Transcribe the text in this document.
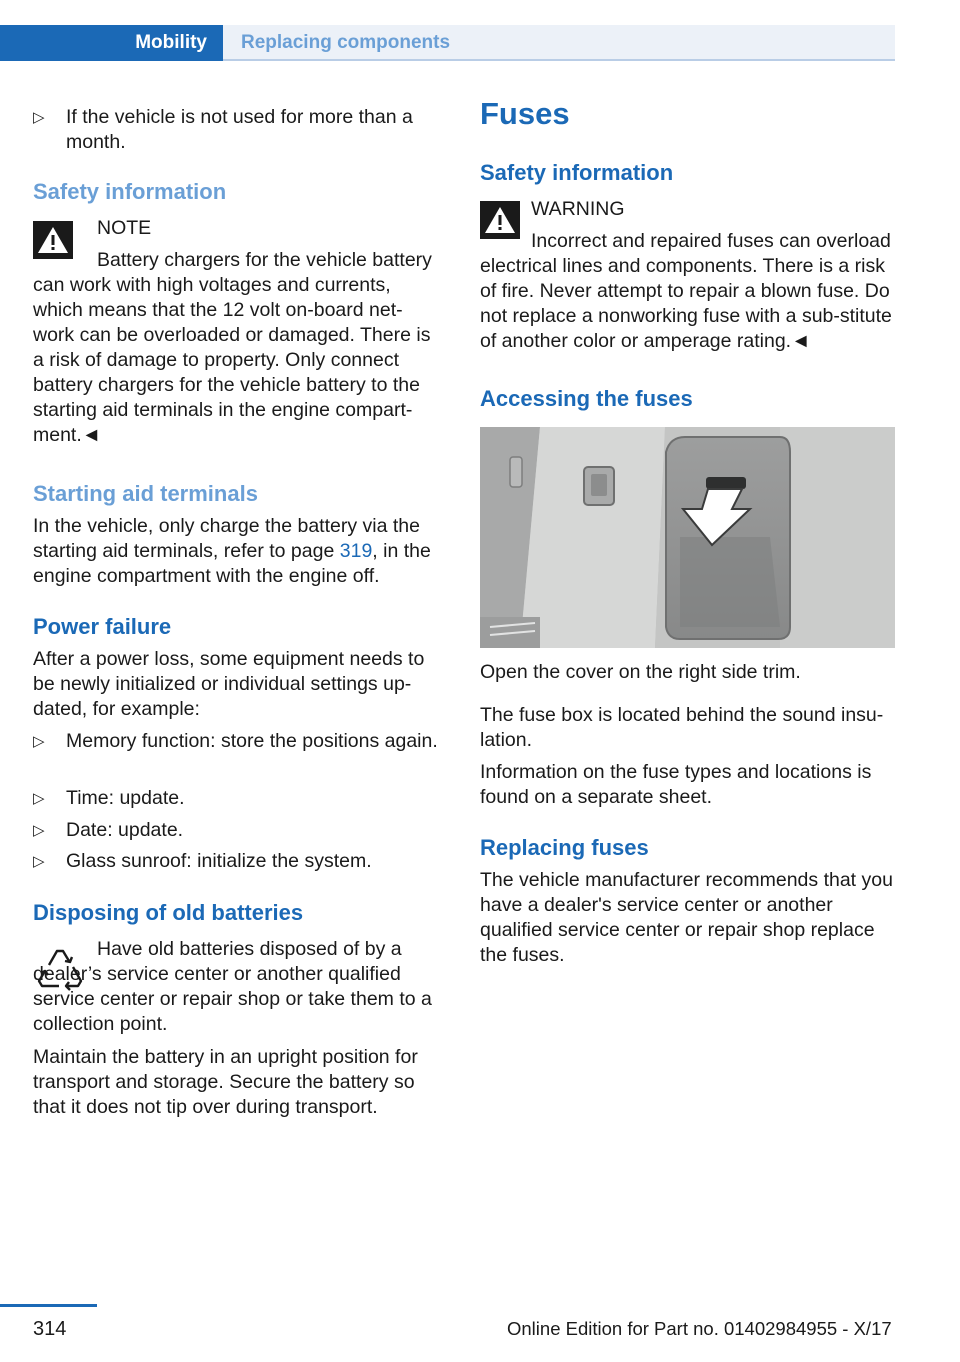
Mobility	Replacing components
▷ If the vehicle is not used for more than a month.
Safety information
NOTE
Battery chargers for the vehicle battery can work with high voltages and currents, which means that the 12 volt on-board net-work can be overloaded or damaged. There is a risk of damage to property. Only connect battery chargers for the vehicle battery to the starting aid terminals in the engine compart-ment.◄
Starting aid terminals
In the vehicle, only charge the battery via the starting aid terminals, refer to page 319, in the engine compartment with the engine off.
Power failure
After a power loss, some equipment needs to be newly initialized or individual settings up-dated, for example:
▷ Memory function: store the positions again.
▷ Time: update.
▷ Date: update.
▷ Glass sunroof: initialize the system.
Disposing of old batteries
Have old batteries disposed of by a dealer’s service center or another qualified service center or repair shop or take them to a collection point.
Maintain the battery in an upright position for transport and storage. Secure the battery so that it does not tip over during transport.
Fuses
Safety information
WARNING
Incorrect and repaired fuses can overload electrical lines and components. There is a risk of fire. Never attempt to repair a blown fuse. Do not replace a nonworking fuse with a sub-stitute of another color or amperage rating.◄
Accessing the fuses
Open the cover on the right side trim.
The fuse box is located behind the sound insu-lation.
Information on the fuse types and locations is found on a separate sheet.
Replacing fuses
The vehicle manufacturer recommends that you have a dealer's service center or another qualified service center or repair shop replace the fuses.
314	Online Edition for Part no. 01402984955 - X/17
